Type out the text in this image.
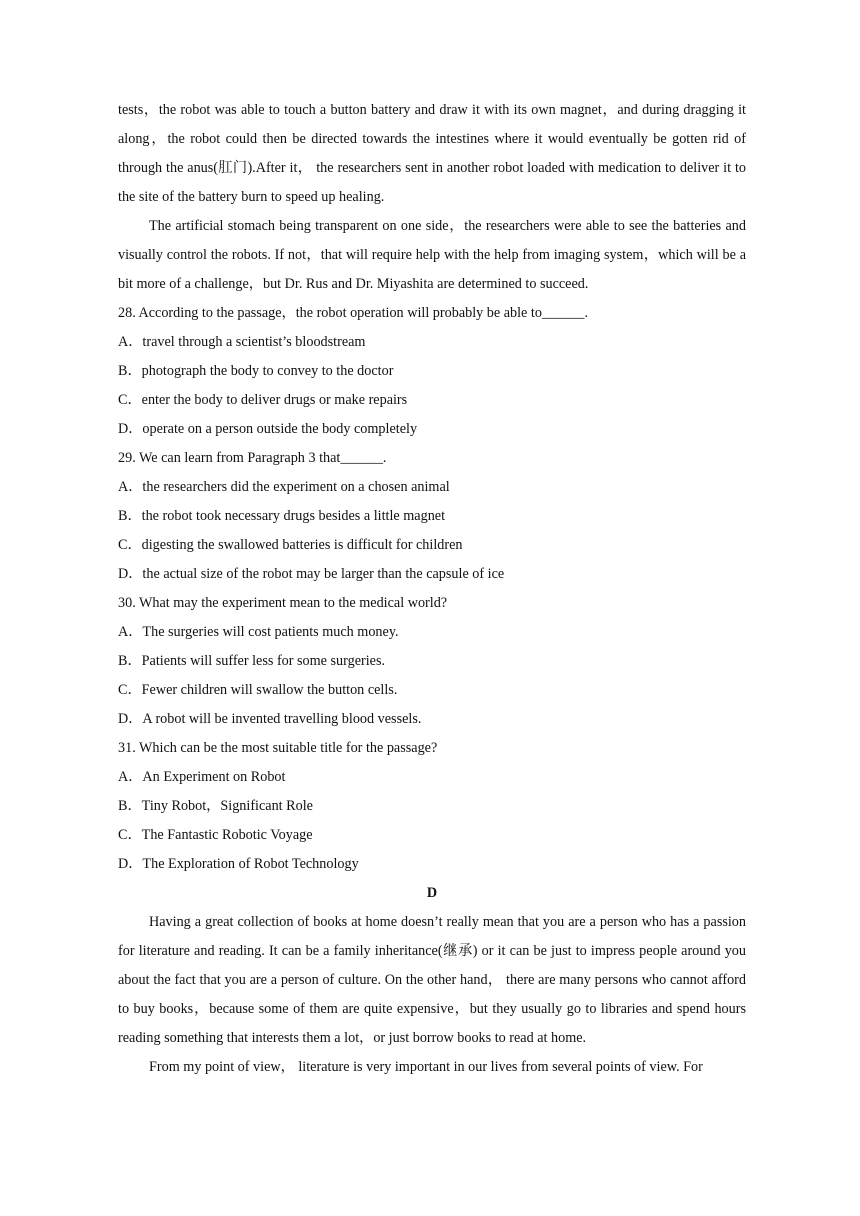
tests，the robot was able to touch a button battery and draw it with its own magnet，and during dragging it along，the robot could then be directed towards the intestines where it would eventually be gotten rid of through the anus(肛门).After it， the researchers sent in another robot loaded with medication to deliver it to the site of the battery burn to speed up healing.

The artificial stomach being transparent on one side，the researchers were able to see the batteries and visually control the robots. If not，that will require help with the help from imaging system，which will be a bit more of a challenge，but Dr. Rus and Dr. Miyashita are determined to succeed.

28. According to the passage，the robot operation will probably be able to______.

A．travel through a scientist’s bloodstream

B．photograph the body to convey to the doctor

C．enter the body to deliver drugs or make repairs

D．operate on a person outside the body completely

29. We can learn from Paragraph 3 that______.

A．the researchers did the experiment on a chosen animal

B．the robot took necessary drugs besides a little magnet

C．digesting the swallowed batteries is difficult for children

D．the actual size of the robot may be larger than the capsule of ice

30. What may the experiment mean to the medical world?

A．The surgeries will cost patients much money.

B．Patients will suffer less for some surgeries.

C．Fewer children will swallow the button cells.

D．A robot will be invented travelling blood vessels.

31. Which can be the most suitable title for the passage?

A．An Experiment on Robot

B．Tiny Robot，Significant Role

C．The Fantastic Robotic Voyage

D．The Exploration of Robot Technology

D

Having a great collection of books at home doesn’t really mean that you are a person who has a passion for literature and reading. It can be a family inheritance(继承) or it can be just to impress people around you about the fact that you are a person of culture. On the other hand， there are many persons who cannot afford to buy books，because some of them are quite expensive，but they usually go to libraries and spend hours reading something that interests them a lot，or just borrow books to read at home.

From my point of view， literature is very important in our lives from several points of view. For
